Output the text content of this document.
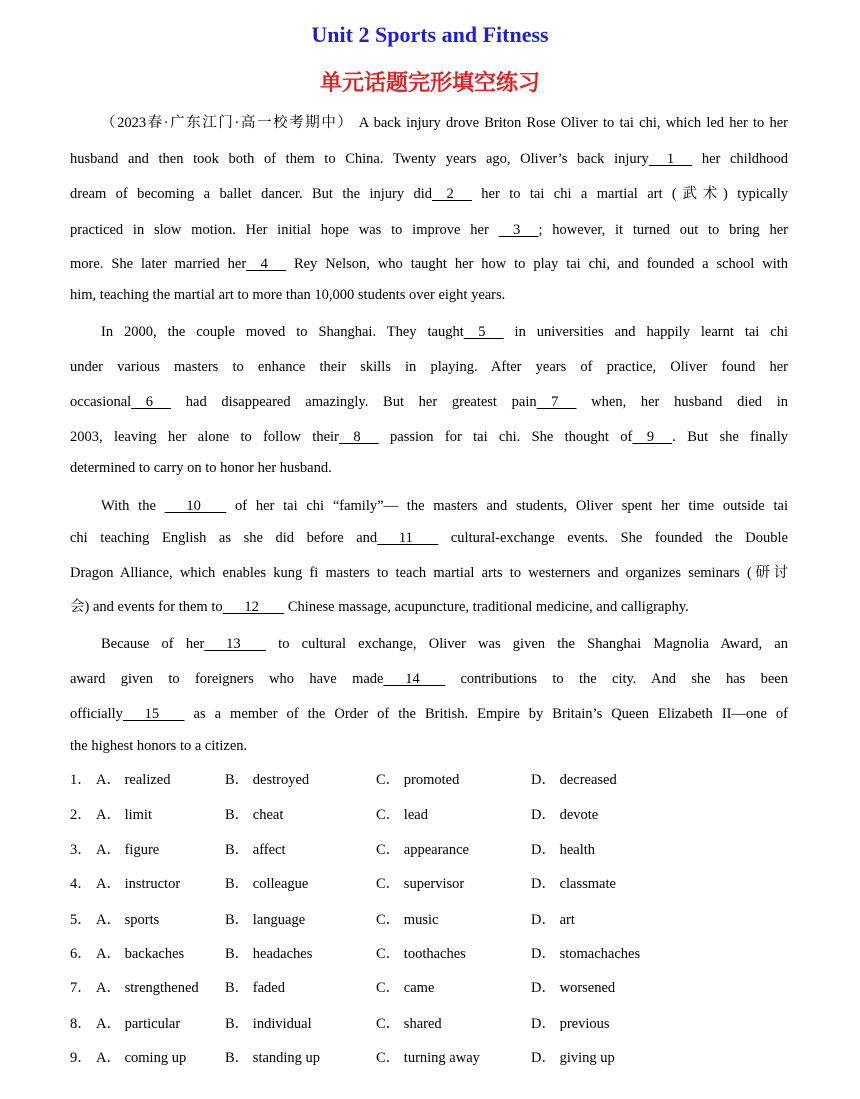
Unit 2 Sports and Fitness
单元话题完形填空练习
（2023春·广东江门·高一校考期中） A back injury drove Briton Rose Oliver to tai chi, which led her to her
husband and then took both of them to China. Twenty years ago, Oliver’s back injury     1      her childhood
dream of becoming a ballet dancer. But the injury did    2      her to tai chi a martial art (武术) typically
practiced in slow motion. Her initial hope was to improve her     3     ; however, it turned out to bring her
more. She later married her    4      Rey Nelson, who taught her how to play tai chi, and founded a school with
him, teaching the martial art to more than 10,000 students over eight years.
In 2000, the couple moved to Shanghai. They taught    5      in universities and happily learnt tai chi
under various masters to enhance their skills in playing. After years of practice, Oliver found her
occasional    6      had disappeared amazingly. But her greatest pain    7      when, her husband died in
2003, leaving her alone to follow their    8      passion for tai chi. She thought of    9     . But she finally
determined to carry on to honor her husband.
With the       10        of her tai chi “family”— the masters and students, Oliver spent her time outside tai
chi teaching English as she did before and      11        cultural-exchange events. She founded the Double
Dragon Alliance, which enables kung fi masters to teach martial arts to westerners and organizes seminars (研讨
会) and events for them to      12        Chinese massage, acupuncture, traditional medicine, and calligraphy.
Because of her      13        to cultural exchange, Oliver was given the Shanghai Magnolia Award, an
award given to foreigners who have made      14        contributions to the city. And she has been
officially      15        as a member of the Order of the British. Empire by Britain’s Queen Elizabeth II—one of
the highest honors to a citizen.
1． A． realized	B． destroyed	C． promoted	D． decreased
2． A． limit	B． cheat	C． lead	D． devote
3． A． figure	B． affect	C． appearance	D． health
4． A． instructor	B． colleague	C． supervisor	D． classmate
5． A． sports	B． language	C． music	D． art
6． A． backaches	B． headaches	C． toothaches	D． stomachaches
7． A． strengthened B． faded	C． came	D． worsened
8． A． particular	B． individual	C． shared	D． previous
9． A． coming up	B． standing up	C． turning away	D． giving up
